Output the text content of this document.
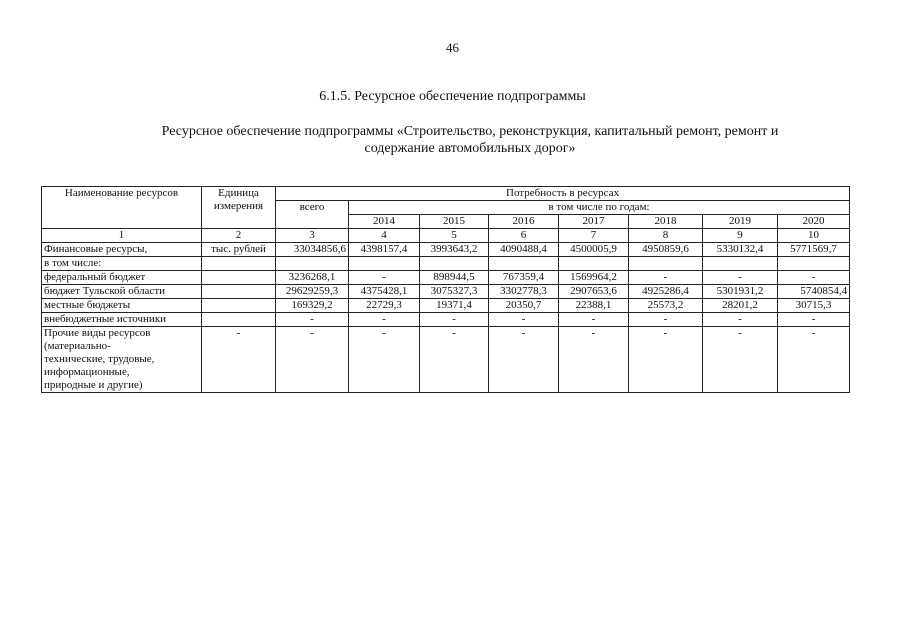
46
6.1.5. Ресурсное обеспечение подпрограммы
Ресурсное обеспечение подпрограммы «Строительство, реконструкция, капитальный ремонт, ремонт и
содержание автомобильных дорог»
Наименование ресурсов	Единица
измерения	Потребность в ресурсах							
		всего	в том числе по годам:						
			2014	2015	2016	2017	2018	2019	2020
1	2	3	4	5	6	7	8	9	10
Финансовые ресурсы,	тыс. рублей	33034856,6	4398157,4	3993643,2	4090488,4	4500005,9	4950859,6	5330132,4	5771569,7
в том числе:									
федеральный бюджет		3236268,1	-	898944,5	767359,4	1569964,2	-	-	-
бюджет Тульской области		29629259,3	4375428,1	3075327,3	3302778,3	2907653,6	4925286,4	5301931,2	5740854,4
местные бюджеты		169329,2	22729,3	19371,4	20350,7	22388,1	25573,2	28201,2	30715,3
внебюджетные источники		-	-	-	-	-	-	-	-

Прочие виды ресурсов
(материально-
технические, трудовые,
информационные,
природные и другие)	-	-	-	-	-	-	-	-	-
